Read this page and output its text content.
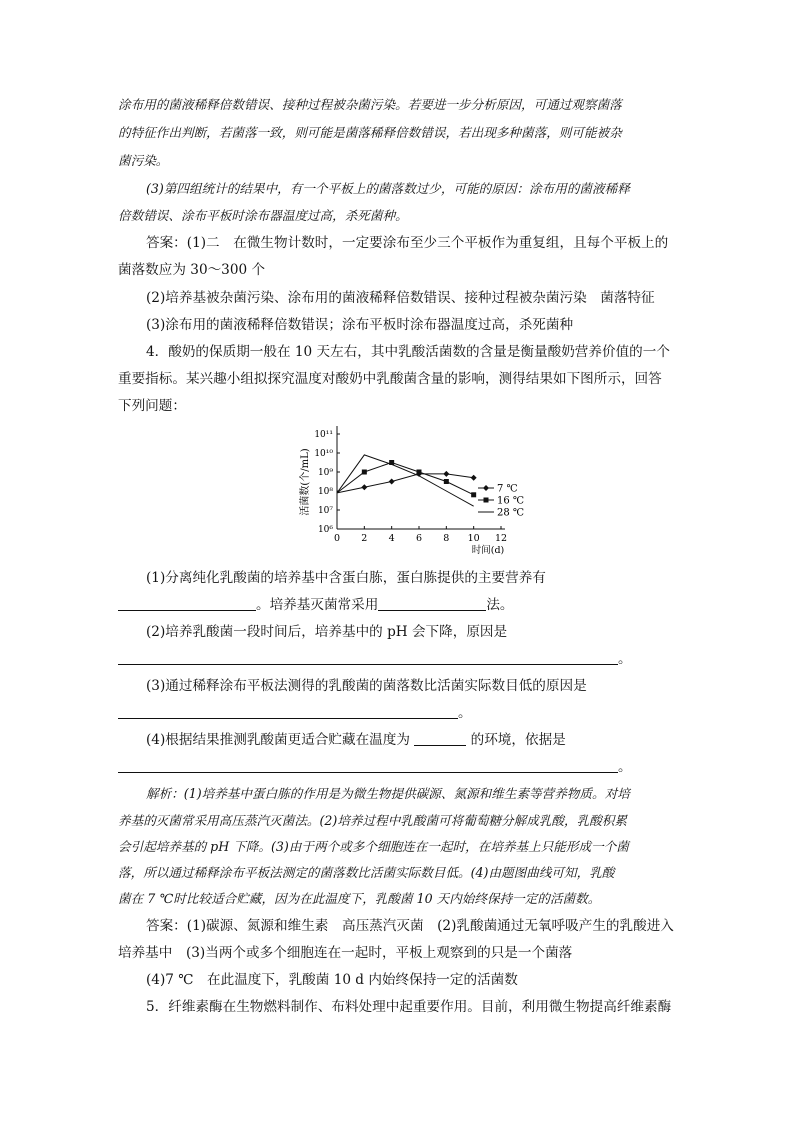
涂布用的菌液稀释倍数错误、接种过程被杂菌污染。若要进一步分析原因，可通过观察菌落
的特征作出判断，若菌落一致，则可能是菌落稀释倍数错误，若出现多种菌落，则可能被杂
菌污染。
(3)第四组统计的结果中，有一个平板上的菌落数过少，可能的原因：涂布用的菌液稀释
倍数错误、涂布平板时涂布器温度过高，杀死菌种。
答案：(1)二　在微生物计数时，一定要涂布至少三个平板作为重复组，且每个平板上的
菌落数应为 30～300 个
(2)培养基被杂菌污染、涂布用的菌液稀释倍数错误、接种过程被杂菌污染　菌落特征
(3)涂布用的菌液稀释倍数错误；涂布平板时涂布器温度过高，杀死菌种
4．酸奶的保质期一般在 10 天左右，其中乳酸活菌数的含量是衡量酸奶营养价值的一个
重要指标。某兴趣小组拟探究温度对酸奶中乳酸菌含量的影响，测得结果如下图所示，回答
下列问题：
10⁶
10⁷
10⁸
10⁹
10¹⁰
10¹¹
0 2 4 6 8 10 12
时间(d)
活菌数(个/mL)	7 ℃
16 ℃
28 ℃
(1)分离纯化乳酸菌的培养基中含蛋白胨，蛋白胨提供的主要营养有
。培养基灭菌常采用	法。
(2)培养乳酸菌一段时间后，培养基中的 pH 会下降，原因是
。
(3)通过稀释涂布平板法测得的乳酸菌的菌落数比活菌实际数目低的原因是
。
(4)根据结果推测乳酸菌更适合贮藏在温度为	的环境，依据是
。
解析：(1)培养基中蛋白胨的作用是为微生物提供碳源、氮源和维生素等营养物质。对培
养基的灭菌常采用高压蒸汽灭菌法。(2)培养过程中乳酸菌可将葡萄糖分解成乳酸，乳酸积累
会引起培养基的 pH 下降。(3)由于两个或多个细胞连在一起时，在培养基上只能形成一个菌
落，所以通过稀释涂布平板法测定的菌落数比活菌实际数目低。(4)由题图曲线可知，乳酸
菌在 7 ℃时比较适合贮藏，因为在此温度下，乳酸菌 10 天内始终保持一定的活菌数。
答案：(1)碳源、氮源和维生素　高压蒸汽灭菌　(2)乳酸菌通过无氧呼吸产生的乳酸进入
培养基中　(3)当两个或多个细胞连在一起时，平板上观察到的只是一个菌落
(4)7 ℃　在此温度下，乳酸菌 10 d 内始终保持一定的活菌数
5．纤维素酶在生物燃料制作、布料处理中起重要作用。目前，利用微生物提高纤维素酶
